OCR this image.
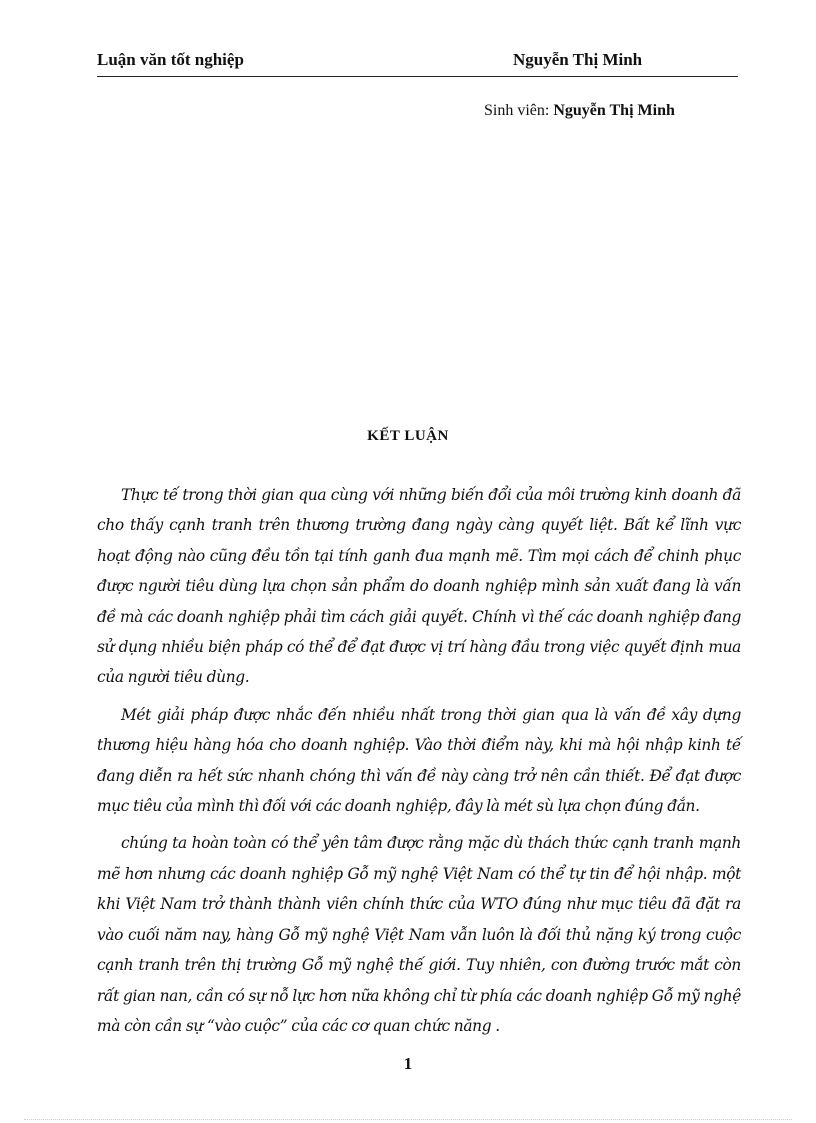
Luận văn tốt nghiệp	Nguyễn Thị Minh
Sinh viên: Nguyễn Thị Minh
KẾT LUẬN

Thực tế trong thời gian qua cùng với những biến đổi của môi trường kinh doanh đã cho thấy cạnh tranh trên thương trường đang ngày càng quyết liệt. Bất kể lĩnh vực hoạt động nào cũng đều tồn tại tính ganh đua mạnh mẽ. Tìm mọi cách để chinh phục được người tiêu dùng lựa chọn sản phẩm do doanh nghiệp mình sản xuất đang là vấn đề mà các doanh nghiệp phải tìm cách giải quyết. Chính vì thế các doanh nghiệp đang sử dụng nhiều biện pháp có thể để đạt được vị trí hàng đầu trong việc quyết định mua của người tiêu dùng.

Mét giải pháp được nhắc đến nhiều nhất trong thời gian qua là vấn đề xây dựng thương hiệu hàng hóa cho doanh nghiệp. Vào thời điểm này, khi mà hội nhập kinh tế đang diễn ra hết sức nhanh chóng thì vấn đề này càng trở nên cần thiết. Để đạt được mục tiêu của mình thì đối với các doanh nghiệp, đây là mét sù lựa chọn đúng đắn.

chúng ta hoàn toàn có thể yên tâm được rằng mặc dù thách thức cạnh tranh mạnh mẽ hơn nhưng các doanh nghiệp Gỗ mỹ nghệ Việt Nam có thể tự tin để hội nhập. một khi Việt Nam trở thành thành viên chính thức của WTO đúng như mục tiêu đã đặt ra vào cuối năm nay, hàng Gỗ mỹ nghệ Việt Nam vẫn luôn là đối thủ nặng ký trong cuộc cạnh tranh trên thị trường Gỗ mỹ nghệ thế giới. Tuy nhiên, con đường trước mắt còn rất gian nan, cần có sự nỗ lực hơn nữa không chỉ từ phía các doanh nghiệp Gỗ mỹ nghệ mà còn cần sự “vào cuộc” của các cơ quan chức năng .

1
